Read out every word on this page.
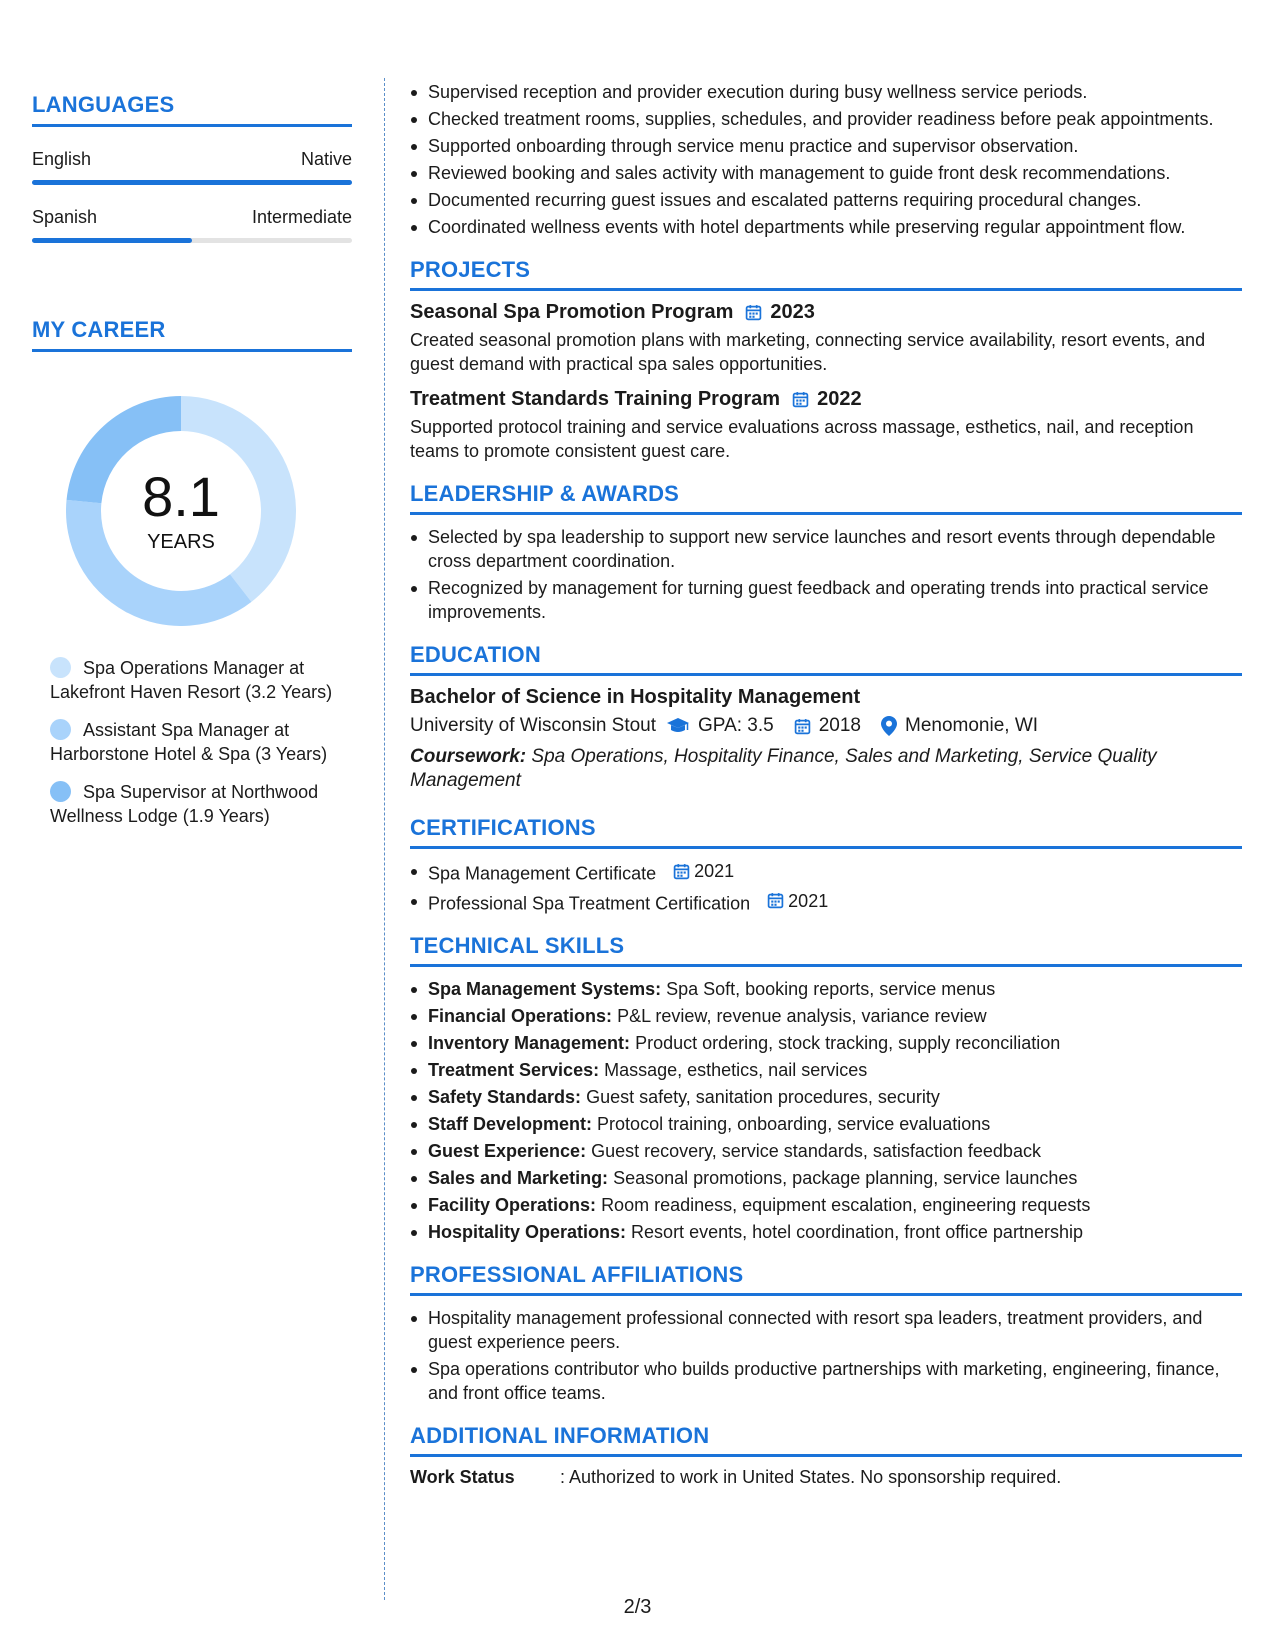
LANGUAGES
English	Native
Spanish	Intermediate
MY CAREER
8.1
YEARS
Spa Operations Manager at Lakefront Haven Resort (3.2 Years)
Assistant Spa Manager at Harborstone Hotel & Spa (3 Years)
Spa Supervisor at Northwood Wellness Lodge (1.9 Years)
Supervised reception and provider execution during busy wellness service periods.
Checked treatment rooms, supplies, schedules, and provider readiness before peak appointments.
Supported onboarding through service menu practice and supervisor observation.
Reviewed booking and sales activity with management to guide front desk recommendations.
Documented recurring guest issues and escalated patterns requiring procedural changes.
Coordinated wellness events with hotel departments while preserving regular appointment flow.
PROJECTS
Seasonal Spa Promotion Program 2023
Created seasonal promotion plans with marketing, connecting service availability, resort events, and guest demand with practical spa sales opportunities.
Treatment Standards Training Program 2022
Supported protocol training and service evaluations across massage, esthetics, nail, and reception teams to promote consistent guest care.
LEADERSHIP & AWARDS
Selected by spa leadership to support new service launches and resort events through dependable cross department coordination.
Recognized by management for turning guest feedback and operating trends into practical service improvements.
EDUCATION
Bachelor of Science in Hospitality Management
University of Wisconsin Stout GPA: 3.5 2018 Menomonie, WI
Coursework: Spa Operations, Hospitality Finance, Sales and Marketing, Service Quality Management
CERTIFICATIONS
Spa Management Certificate 2021
Professional Spa Treatment Certification 2021
TECHNICAL SKILLS
Spa Management Systems: Spa Soft, booking reports, service menus
Financial Operations: P&L review, revenue analysis, variance review
Inventory Management: Product ordering, stock tracking, supply reconciliation
Treatment Services: Massage, esthetics, nail services
Safety Standards: Guest safety, sanitation procedures, security
Staff Development: Protocol training, onboarding, service evaluations
Guest Experience: Guest recovery, service standards, satisfaction feedback
Sales and Marketing: Seasonal promotions, package planning, service launches
Facility Operations: Room readiness, equipment escalation, engineering requests
Hospitality Operations: Resort events, hotel coordination, front office partnership
PROFESSIONAL AFFILIATIONS
Hospitality management professional connected with resort spa leaders, treatment providers, and guest experience peers.
Spa operations contributor who builds productive partnerships with marketing, engineering, finance, and front office teams.
ADDITIONAL INFORMATION
Work Status	: Authorized to work in United States. No sponsorship required.
2/3
